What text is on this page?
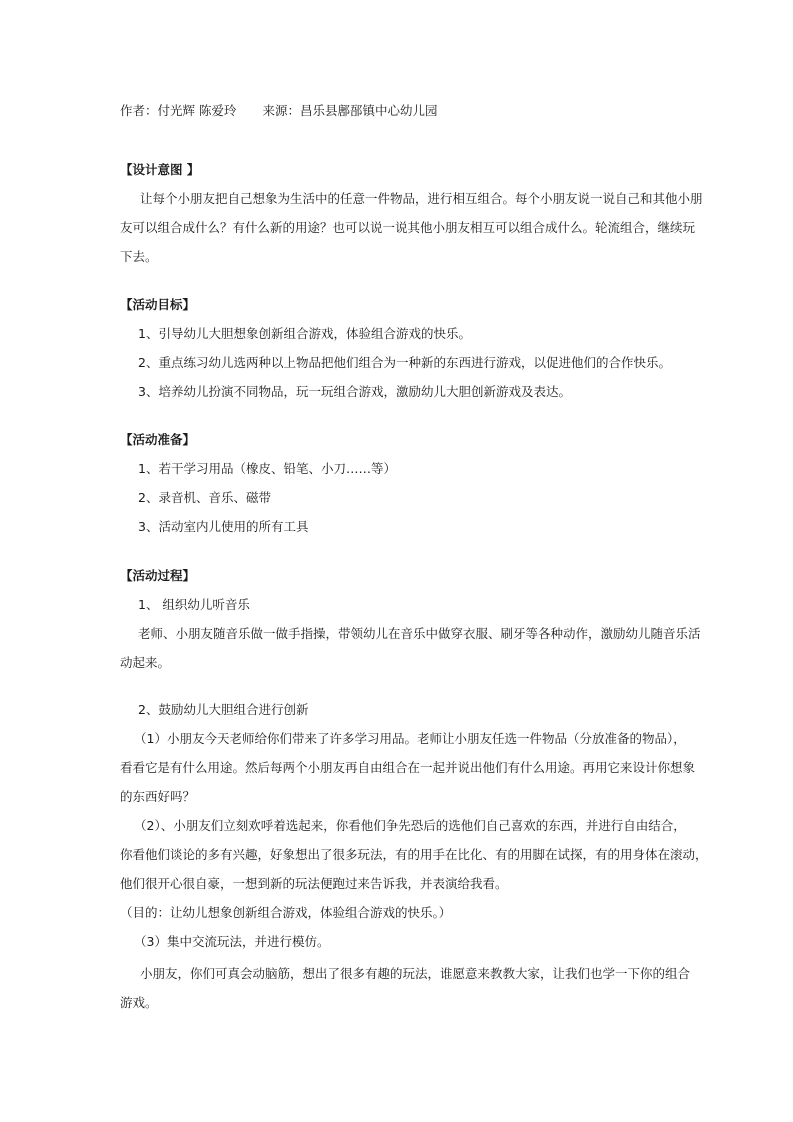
作者：付光辉 陈爱玲 来源：昌乐县鄌郚镇中心幼儿园
【设计意图 】
让每个小朋友把自己想象为生活中的任意一件物品，进行相互组合。每个小朋友说一说自己和其他小朋
友可以组合成什么？有什么新的用途？也可以说一说其他小朋友相互可以组合成什么。轮流组合，继续玩
下去。
【活动目标】
1、引导幼儿大胆想象创新组合游戏，体验组合游戏的快乐。
2、重点练习幼儿选两种以上物品把他们组合为一种新的东西进行游戏，以促进他们的合作快乐。
3、培养幼儿扮演不同物品，玩一玩组合游戏，激励幼儿大胆创新游戏及表达。
【活动准备】
1、若干学习用品（橡皮、铅笔、小刀……等）
2、录音机、音乐、磁带
3、活动室内儿使用的所有工具
【活动过程】
1、 组织幼儿听音乐
老师、小朋友随音乐做一做手指操，带领幼儿在音乐中做穿衣服、刷牙等各种动作，激励幼儿随音乐活
动起来。
2、鼓励幼儿大胆组合进行创新
（1）小朋友今天老师给你们带来了许多学习用品。老师让小朋友任选一件物品（分放准备的物品），
看看它是有什么用途。然后每两个小朋友再自由组合在一起并说出他们有什么用途。再用它来设计你想象
的东西好吗？
（2）、小朋友们立刻欢呼着选起来，你看他们争先恐后的选他们自己喜欢的东西，并进行自由结合，
你看他们谈论的多有兴趣，好象想出了很多玩法，有的用手在比化、有的用脚在试探，有的用身体在滚动，
他们很开心很自豪，一想到新的玩法便跑过来告诉我，并表演给我看。
（目的：让幼儿想象创新组合游戏，体验组合游戏的快乐。）
（3）集中交流玩法，并进行模仿。
小朋友，你们可真会动脑筋，想出了很多有趣的玩法，谁愿意来教教大家，让我们也学一下你的组合
游戏。
